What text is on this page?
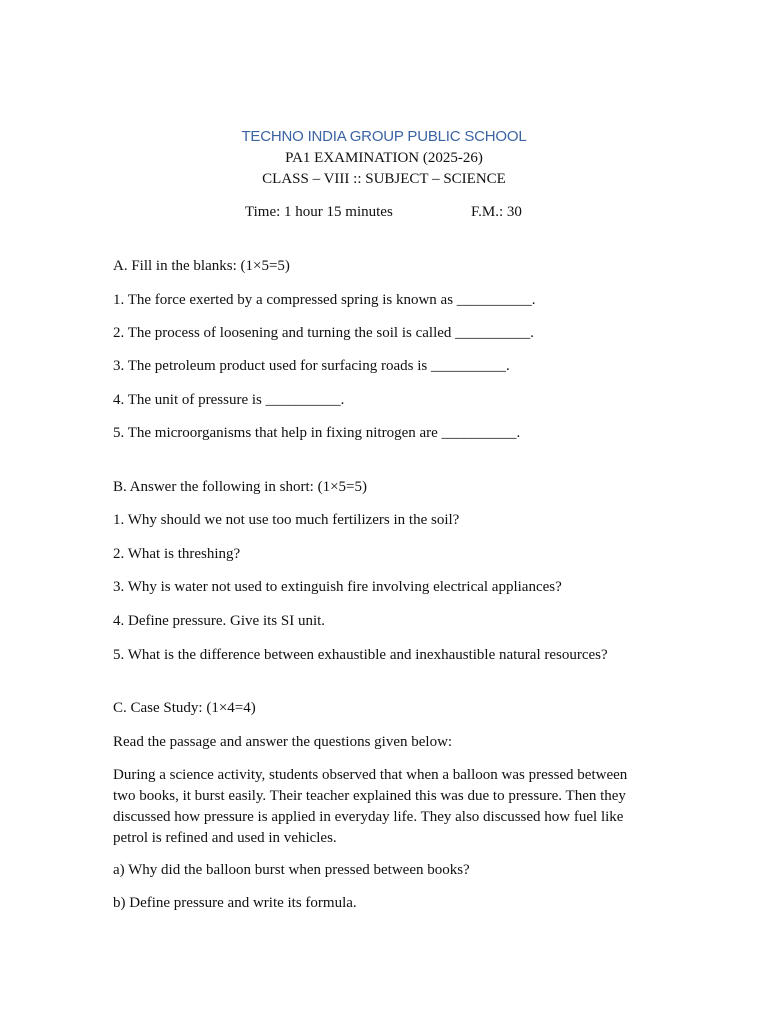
TECHNO INDIA GROUP PUBLIC SCHOOL
PA1 EXAMINATION (2025-26)
CLASS – VIII :: SUBJECT – SCIENCE
Time: 1 hour 15 minutes	F.M.: 30
A. Fill in the blanks: (1×5=5)
1. The force exerted by a compressed spring is known as __________.
2. The process of loosening and turning the soil is called __________.
3. The petroleum product used for surfacing roads is __________.
4. The unit of pressure is __________.
5. The microorganisms that help in fixing nitrogen are __________.
B. Answer the following in short: (1×5=5)
1. Why should we not use too much fertilizers in the soil?
2. What is threshing?
3. Why is water not used to extinguish fire involving electrical appliances?
4. Define pressure. Give its SI unit.
5. What is the difference between exhaustible and inexhaustible natural resources?
C. Case Study: (1×4=4)
Read the passage and answer the questions given below:
During a science activity, students observed that when a balloon was pressed between two books, it burst easily. Their teacher explained this was due to pressure. Then they discussed how pressure is applied in everyday life. They also discussed how fuel like petrol is refined and used in vehicles.
a) Why did the balloon burst when pressed between books?
b) Define pressure and write its formula.
